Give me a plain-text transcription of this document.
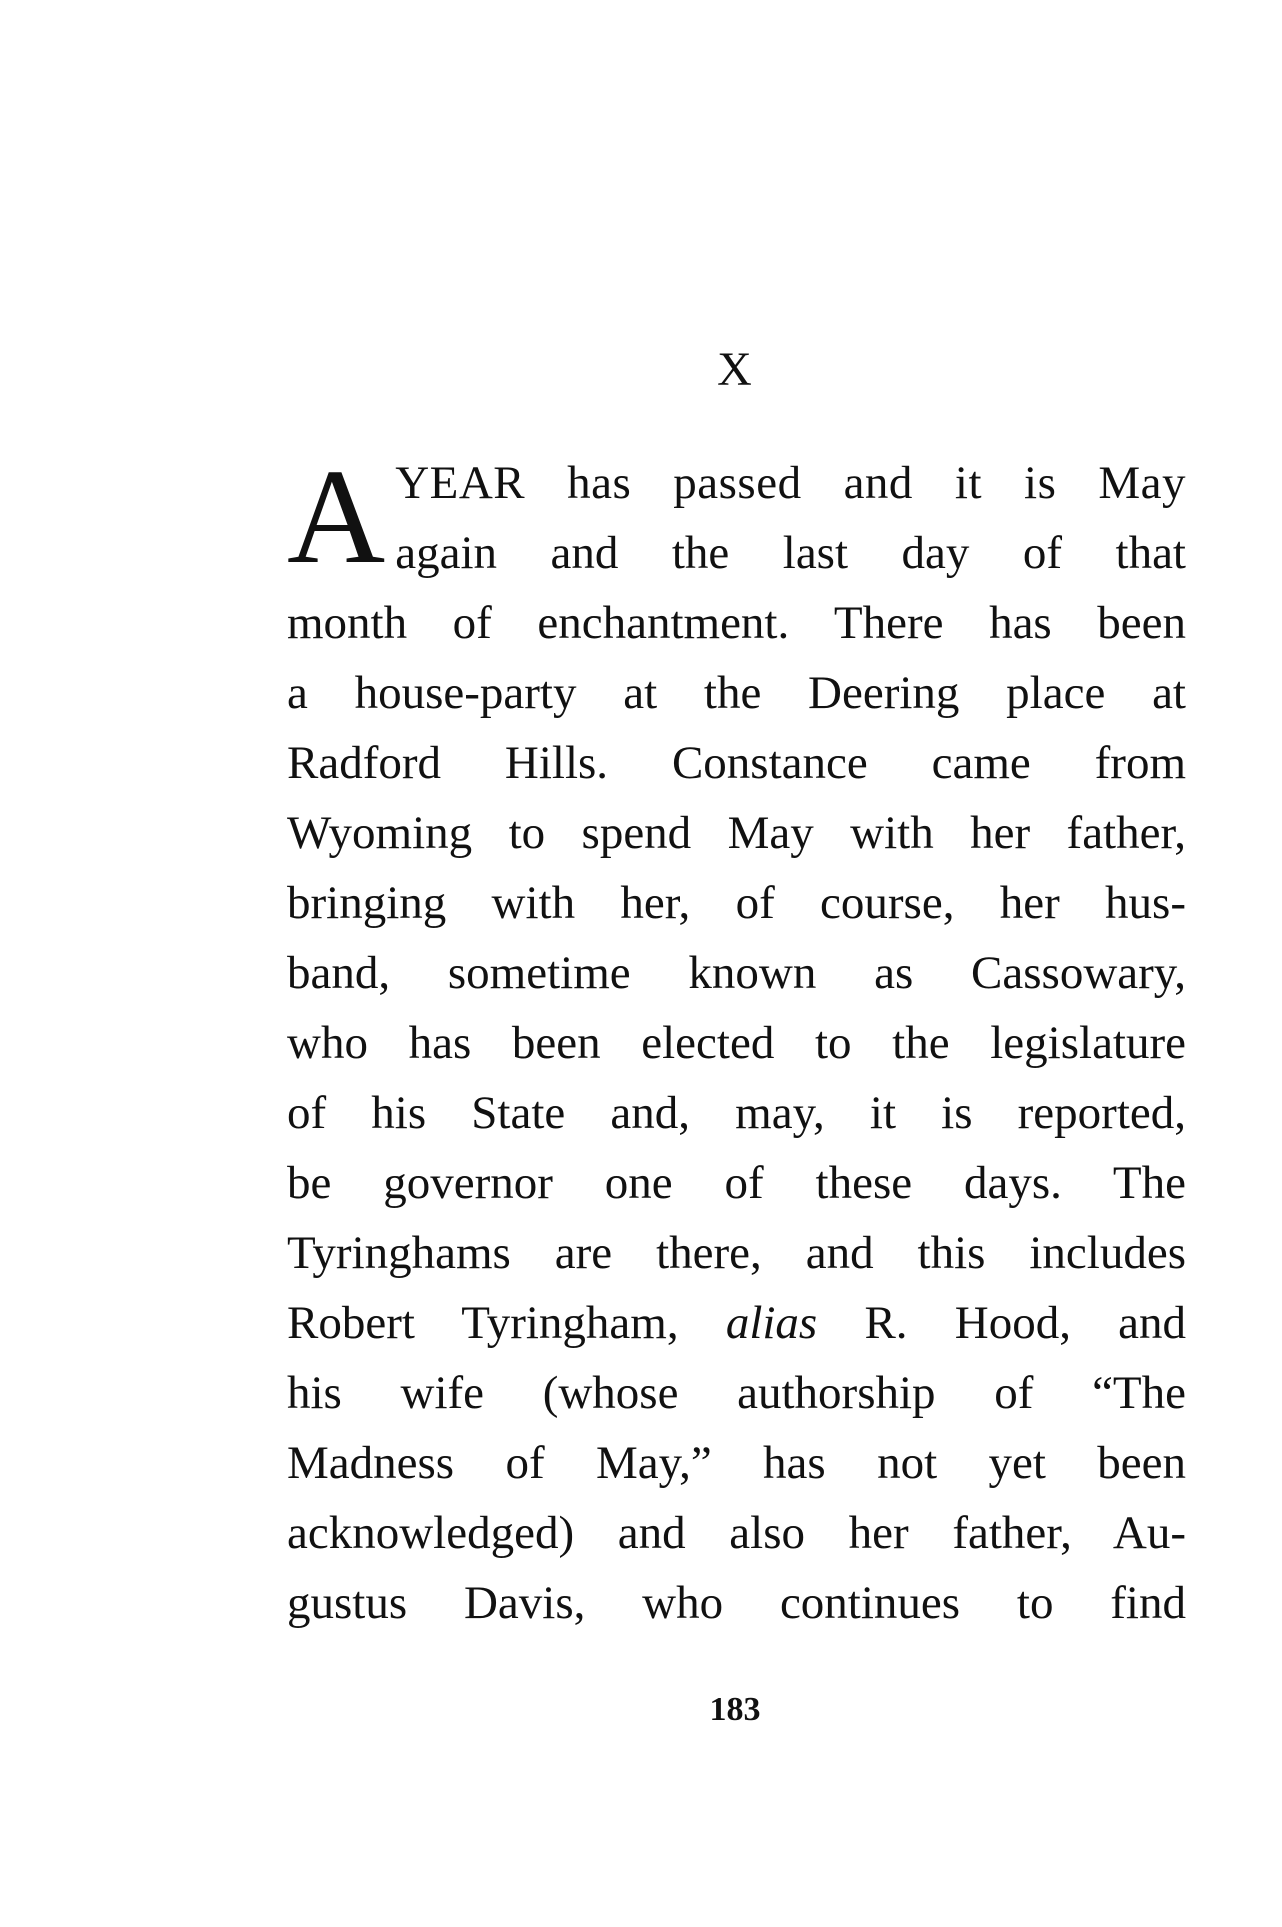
X
A YEAR has passed and it is May
again and the last day of that
month of enchantment. There has been
a house-party at the Deering place at
Radford Hills. Constance came from
Wyoming to spend May with her father,
bringing with her, of course, her hus-
band, sometime known as Cassowary,
who has been elected to the legislature
of his State and, may, it is reported,
be governor one of these days. The
Tyringhams are there, and this includes
Robert Tyringham, alias R. Hood, and
his wife (whose authorship of “The
Madness of May,” has not yet been
acknowledged) and also her father, Au-
gustus Davis, who continues to find
183
